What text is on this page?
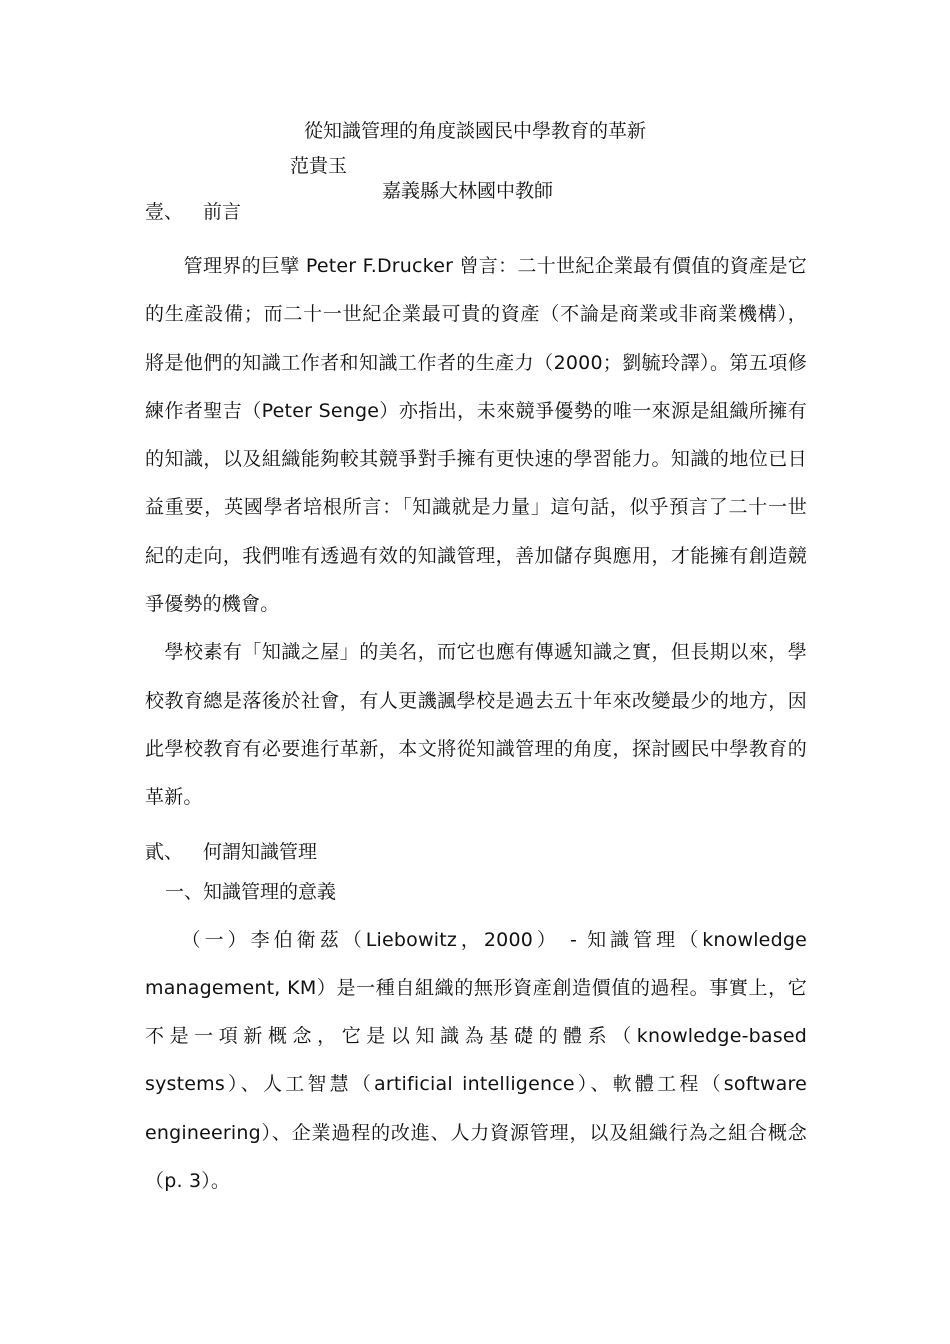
從知識管理的角度談國民中學教育的革新
范貴玉
嘉義縣大林國中教師
壹、 前言

　　管理界的巨擘 Peter F.Drucker 曾言：二十世紀企業最有價值的資產是它的生產設備；而二十一世紀企業最可貴的資產（不論是商業或非商業機構），將是他們的知識工作者和知識工作者的生產力（2000；劉毓玲譯）。第五項修練作者聖吉（Peter Senge）亦指出，未來競爭優勢的唯一來源是組織所擁有的知識，以及組織能夠較其競爭對手擁有更快速的學習能力。知識的地位已日益重要，英國學者培根所言：「知識就是力量」這句話，似乎預言了二十一世紀的走向，我們唯有透過有效的知識管理，善加儲存與應用，才能擁有創造競爭優勢的機會。

　學校素有「知識之屋」的美名，而它也應有傳遞知識之實，但長期以來，學校教育總是落後於社會，有人更譏諷學校是過去五十年來改變最少的地方，因此學校教育有必要進行革新，本文將從知識管理的角度，探討國民中學教育的革新。

貳、 何謂知識管理
一、知識管理的意義

　　（一）李伯衛茲（Liebowitz，2000） - 知識管理（knowledge management, KM）是一種自組織的無形資產創造價值的過程。事實上，它不是一項新概念，它是以知識為基礎的體系（knowledge-based systems）、人工智慧（artificial intelligence）、軟體工程（software engineering）、企業過程的改進、人力資源管理，以及組織行為之組合概念（p. 3）。
